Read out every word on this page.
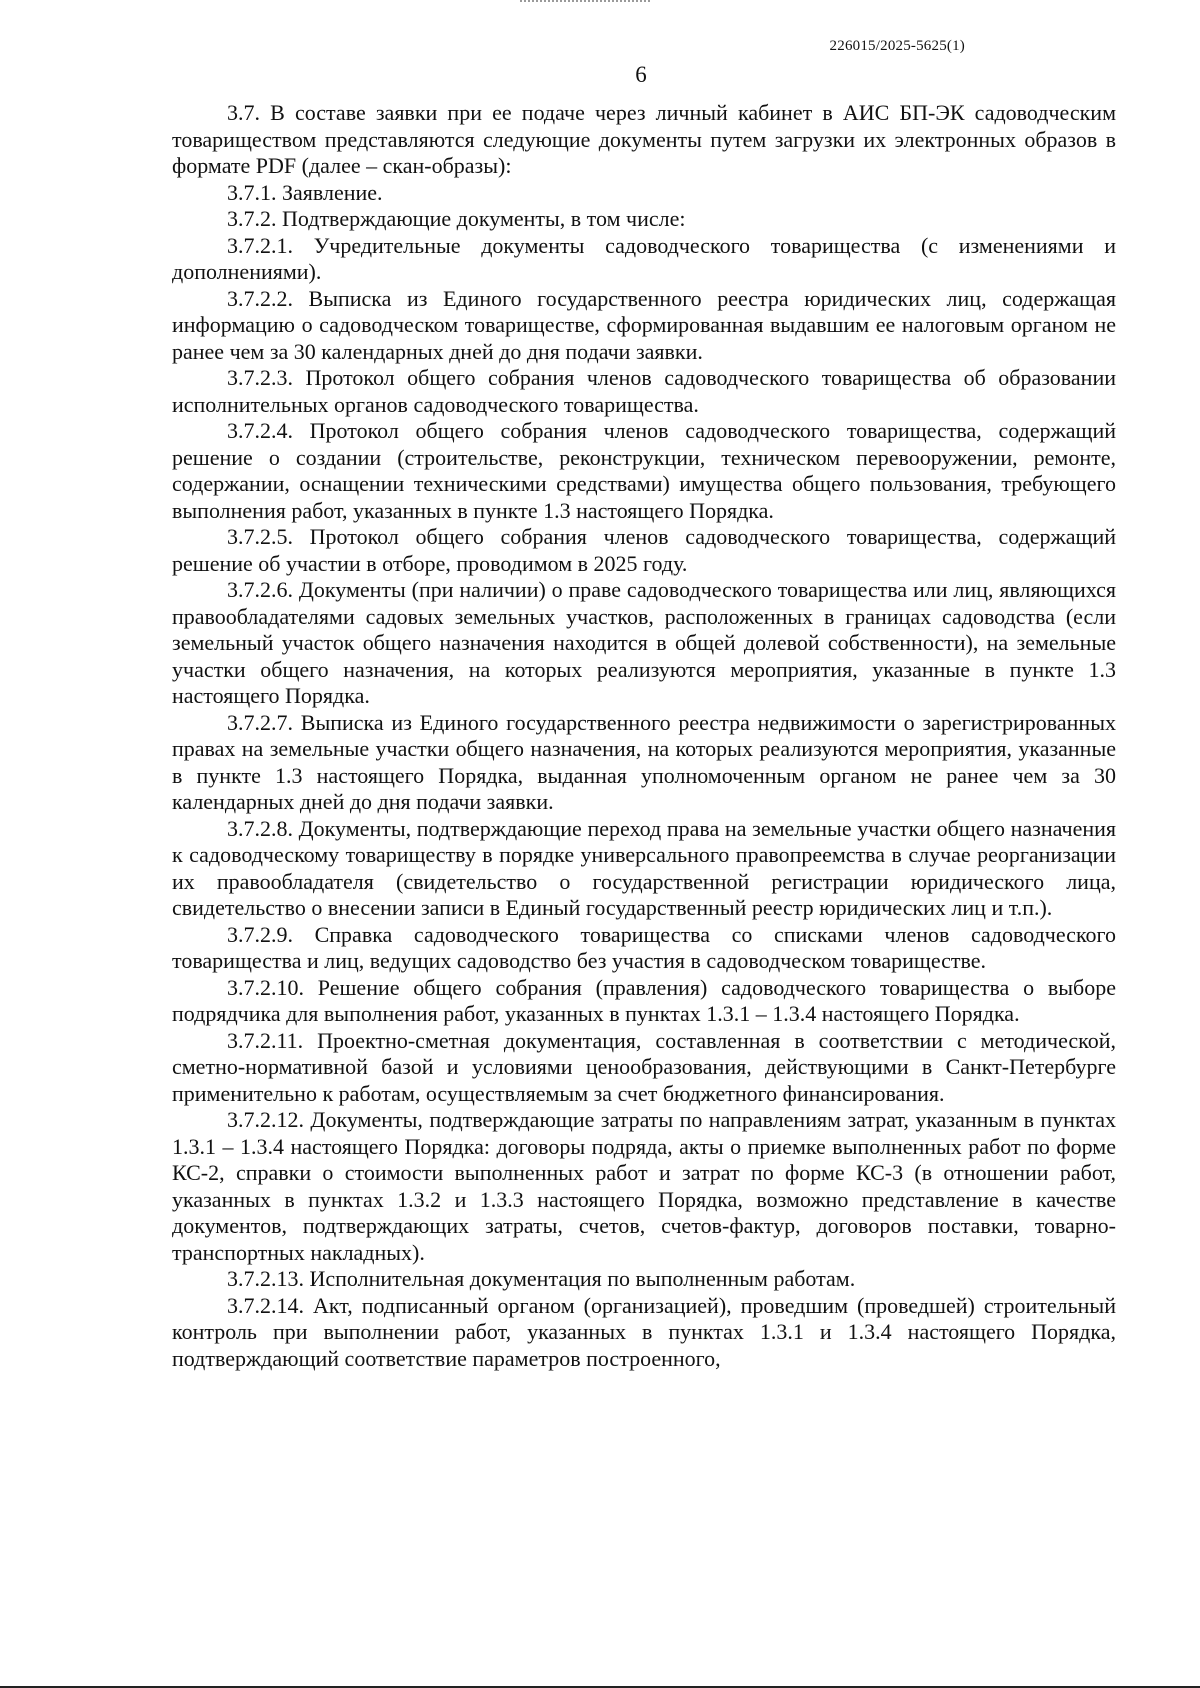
226015/2025-5625(1)
6

3.7. В составе заявки при ее подаче через личный кабинет в АИС БП-ЭК садоводческим товариществом представляются следующие документы путем загрузки их электронных образов в формате PDF (далее – скан-образы):

3.7.1. Заявление.

3.7.2. Подтверждающие документы, в том числе:

3.7.2.1. Учредительные документы садоводческого товарищества (с изменениями и дополнениями).

3.7.2.2. Выписка из Единого государственного реестра юридических лиц, содержащая информацию о садоводческом товариществе, сформированная выдавшим ее налоговым органом не ранее чем за 30 календарных дней до дня подачи заявки.

3.7.2.3. Протокол общего собрания членов садоводческого товарищества об образовании исполнительных органов садоводческого товарищества.

3.7.2.4. Протокол общего собрания членов садоводческого товарищества, содержащий решение о создании (строительстве, реконструкции, техническом перевооружении, ремонте, содержании, оснащении техническими средствами) имущества общего пользования, требующего выполнения работ, указанных в пункте 1.3 настоящего Порядка.

3.7.2.5. Протокол общего собрания членов садоводческого товарищества, содержащий решение об участии в отборе, проводимом в 2025 году.

3.7.2.6. Документы (при наличии) о праве садоводческого товарищества или лиц, являющихся правообладателями садовых земельных участков, расположенных в границах садоводства (если земельный участок общего назначения находится в общей долевой собственности), на земельные участки общего назначения, на которых реализуются мероприятия, указанные в пункте 1.3 настоящего Порядка.

3.7.2.7. Выписка из Единого государственного реестра недвижимости о зарегистрированных правах на земельные участки общего назначения, на которых реализуются мероприятия, указанные в пункте 1.3 настоящего Порядка, выданная уполномоченным органом не ранее чем за 30 календарных дней до дня подачи заявки.

3.7.2.8. Документы, подтверждающие переход права на земельные участки общего назначения к садоводческому товариществу в порядке универсального правопреемства в случае реорганизации их правообладателя (свидетельство о государственной регистрации юридического лица, свидетельство о внесении записи в Единый государственный реестр юридических лиц и т.п.).

3.7.2.9. Справка садоводческого товарищества со списками членов садоводческого товарищества и лиц, ведущих садоводство без участия в садоводческом товариществе.

3.7.2.10. Решение общего собрания (правления) садоводческого товарищества о выборе подрядчика для выполнения работ, указанных в пунктах 1.3.1 – 1.3.4 настоящего Порядка.

3.7.2.11. Проектно-сметная документация, составленная в соответствии с методической, сметно-нормативной базой и условиями ценообразования, действующими в Санкт-Петербурге применительно к работам, осуществляемым за счет бюджетного финансирования.

3.7.2.12. Документы, подтверждающие затраты по направлениям затрат, указанным в пунктах 1.3.1 – 1.3.4 настоящего Порядка: договоры подряда, акты о приемке выполненных работ по форме КС-2, справки о стоимости выполненных работ и затрат по форме КС-3 (в отношении работ, указанных в пунктах 1.3.2 и 1.3.3 настоящего Порядка, возможно представление в качестве документов, подтверждающих затраты, счетов, счетов-фактур, договоров поставки, товарно-транспортных накладных).

3.7.2.13. Исполнительная документация по выполненным работам.

3.7.2.14. Акт, подписанный органом (организацией), проведшим (проведшей) строительный контроль при выполнении работ, указанных в пунктах 1.3.1 и 1.3.4 настоящего Порядка, подтверждающий соответствие параметров построенного,
